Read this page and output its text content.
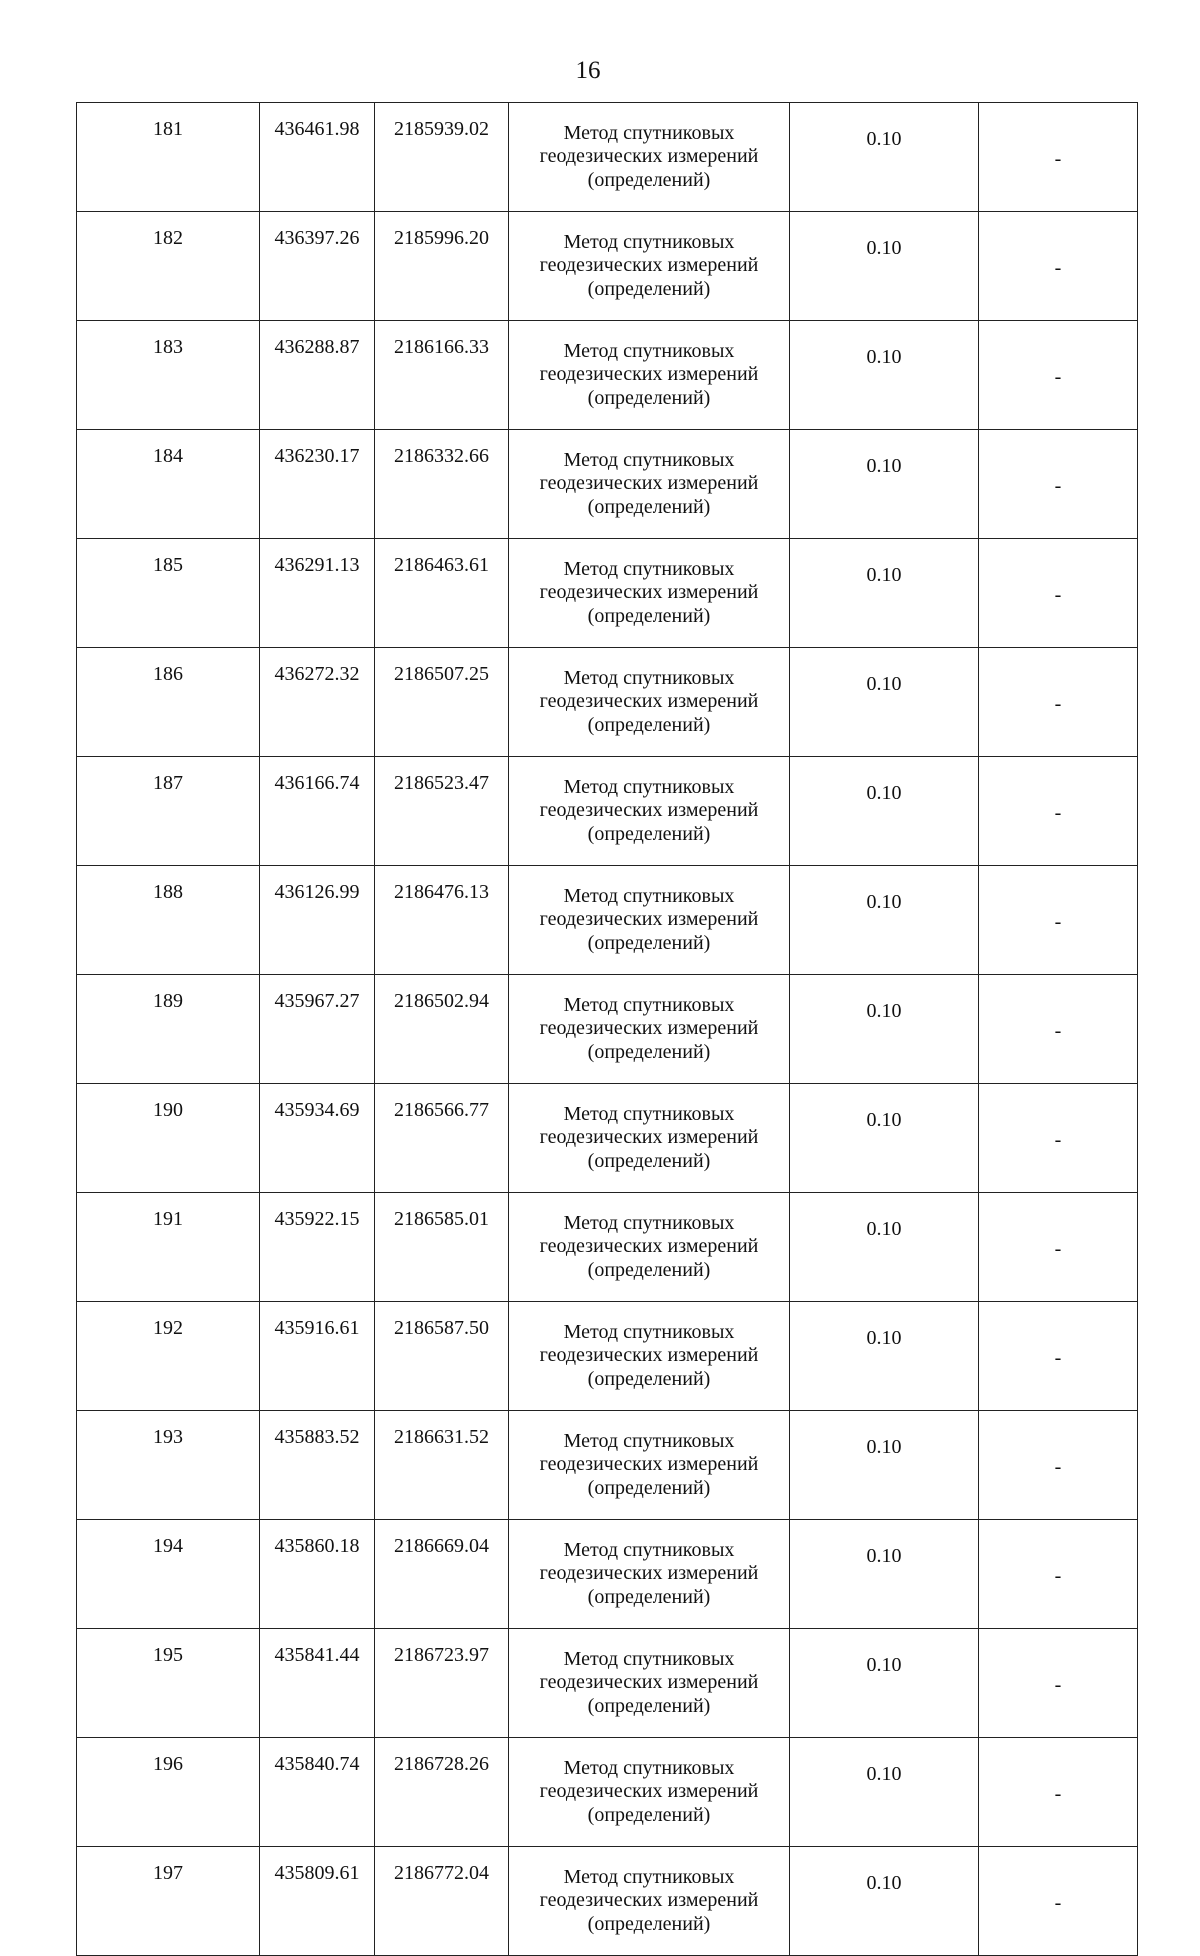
16
181	436461.98	2185939.02	Метод спутниковых
геодезических измерений
(определений)	0.10	-
182	436397.26	2185996.20	Метод спутниковых
геодезических измерений
(определений)	0.10	-
183	436288.87	2186166.33	Метод спутниковых
геодезических измерений
(определений)	0.10	-
184	436230.17	2186332.66	Метод спутниковых
геодезических измерений
(определений)	0.10	-
185	436291.13	2186463.61	Метод спутниковых
геодезических измерений
(определений)	0.10	-
186	436272.32	2186507.25	Метод спутниковых
геодезических измерений
(определений)	0.10	-
187	436166.74	2186523.47	Метод спутниковых
геодезических измерений
(определений)	0.10	-
188	436126.99	2186476.13	Метод спутниковых
геодезических измерений
(определений)	0.10	-
189	435967.27	2186502.94	Метод спутниковых
геодезических измерений
(определений)	0.10	-
190	435934.69	2186566.77	Метод спутниковых
геодезических измерений
(определений)	0.10	-
191	435922.15	2186585.01	Метод спутниковых
геодезических измерений
(определений)	0.10	-
192	435916.61	2186587.50	Метод спутниковых
геодезических измерений
(определений)	0.10	-
193	435883.52	2186631.52	Метод спутниковых
геодезических измерений
(определений)	0.10	-
194	435860.18	2186669.04	Метод спутниковых
геодезических измерений
(определений)	0.10	-
195	435841.44	2186723.97	Метод спутниковых
геодезических измерений
(определений)	0.10	-
196	435840.74	2186728.26	Метод спутниковых
геодезических измерений
(определений)	0.10	-
197	435809.61	2186772.04	Метод спутниковых
геодезических измерений
(определений)	0.10	-
